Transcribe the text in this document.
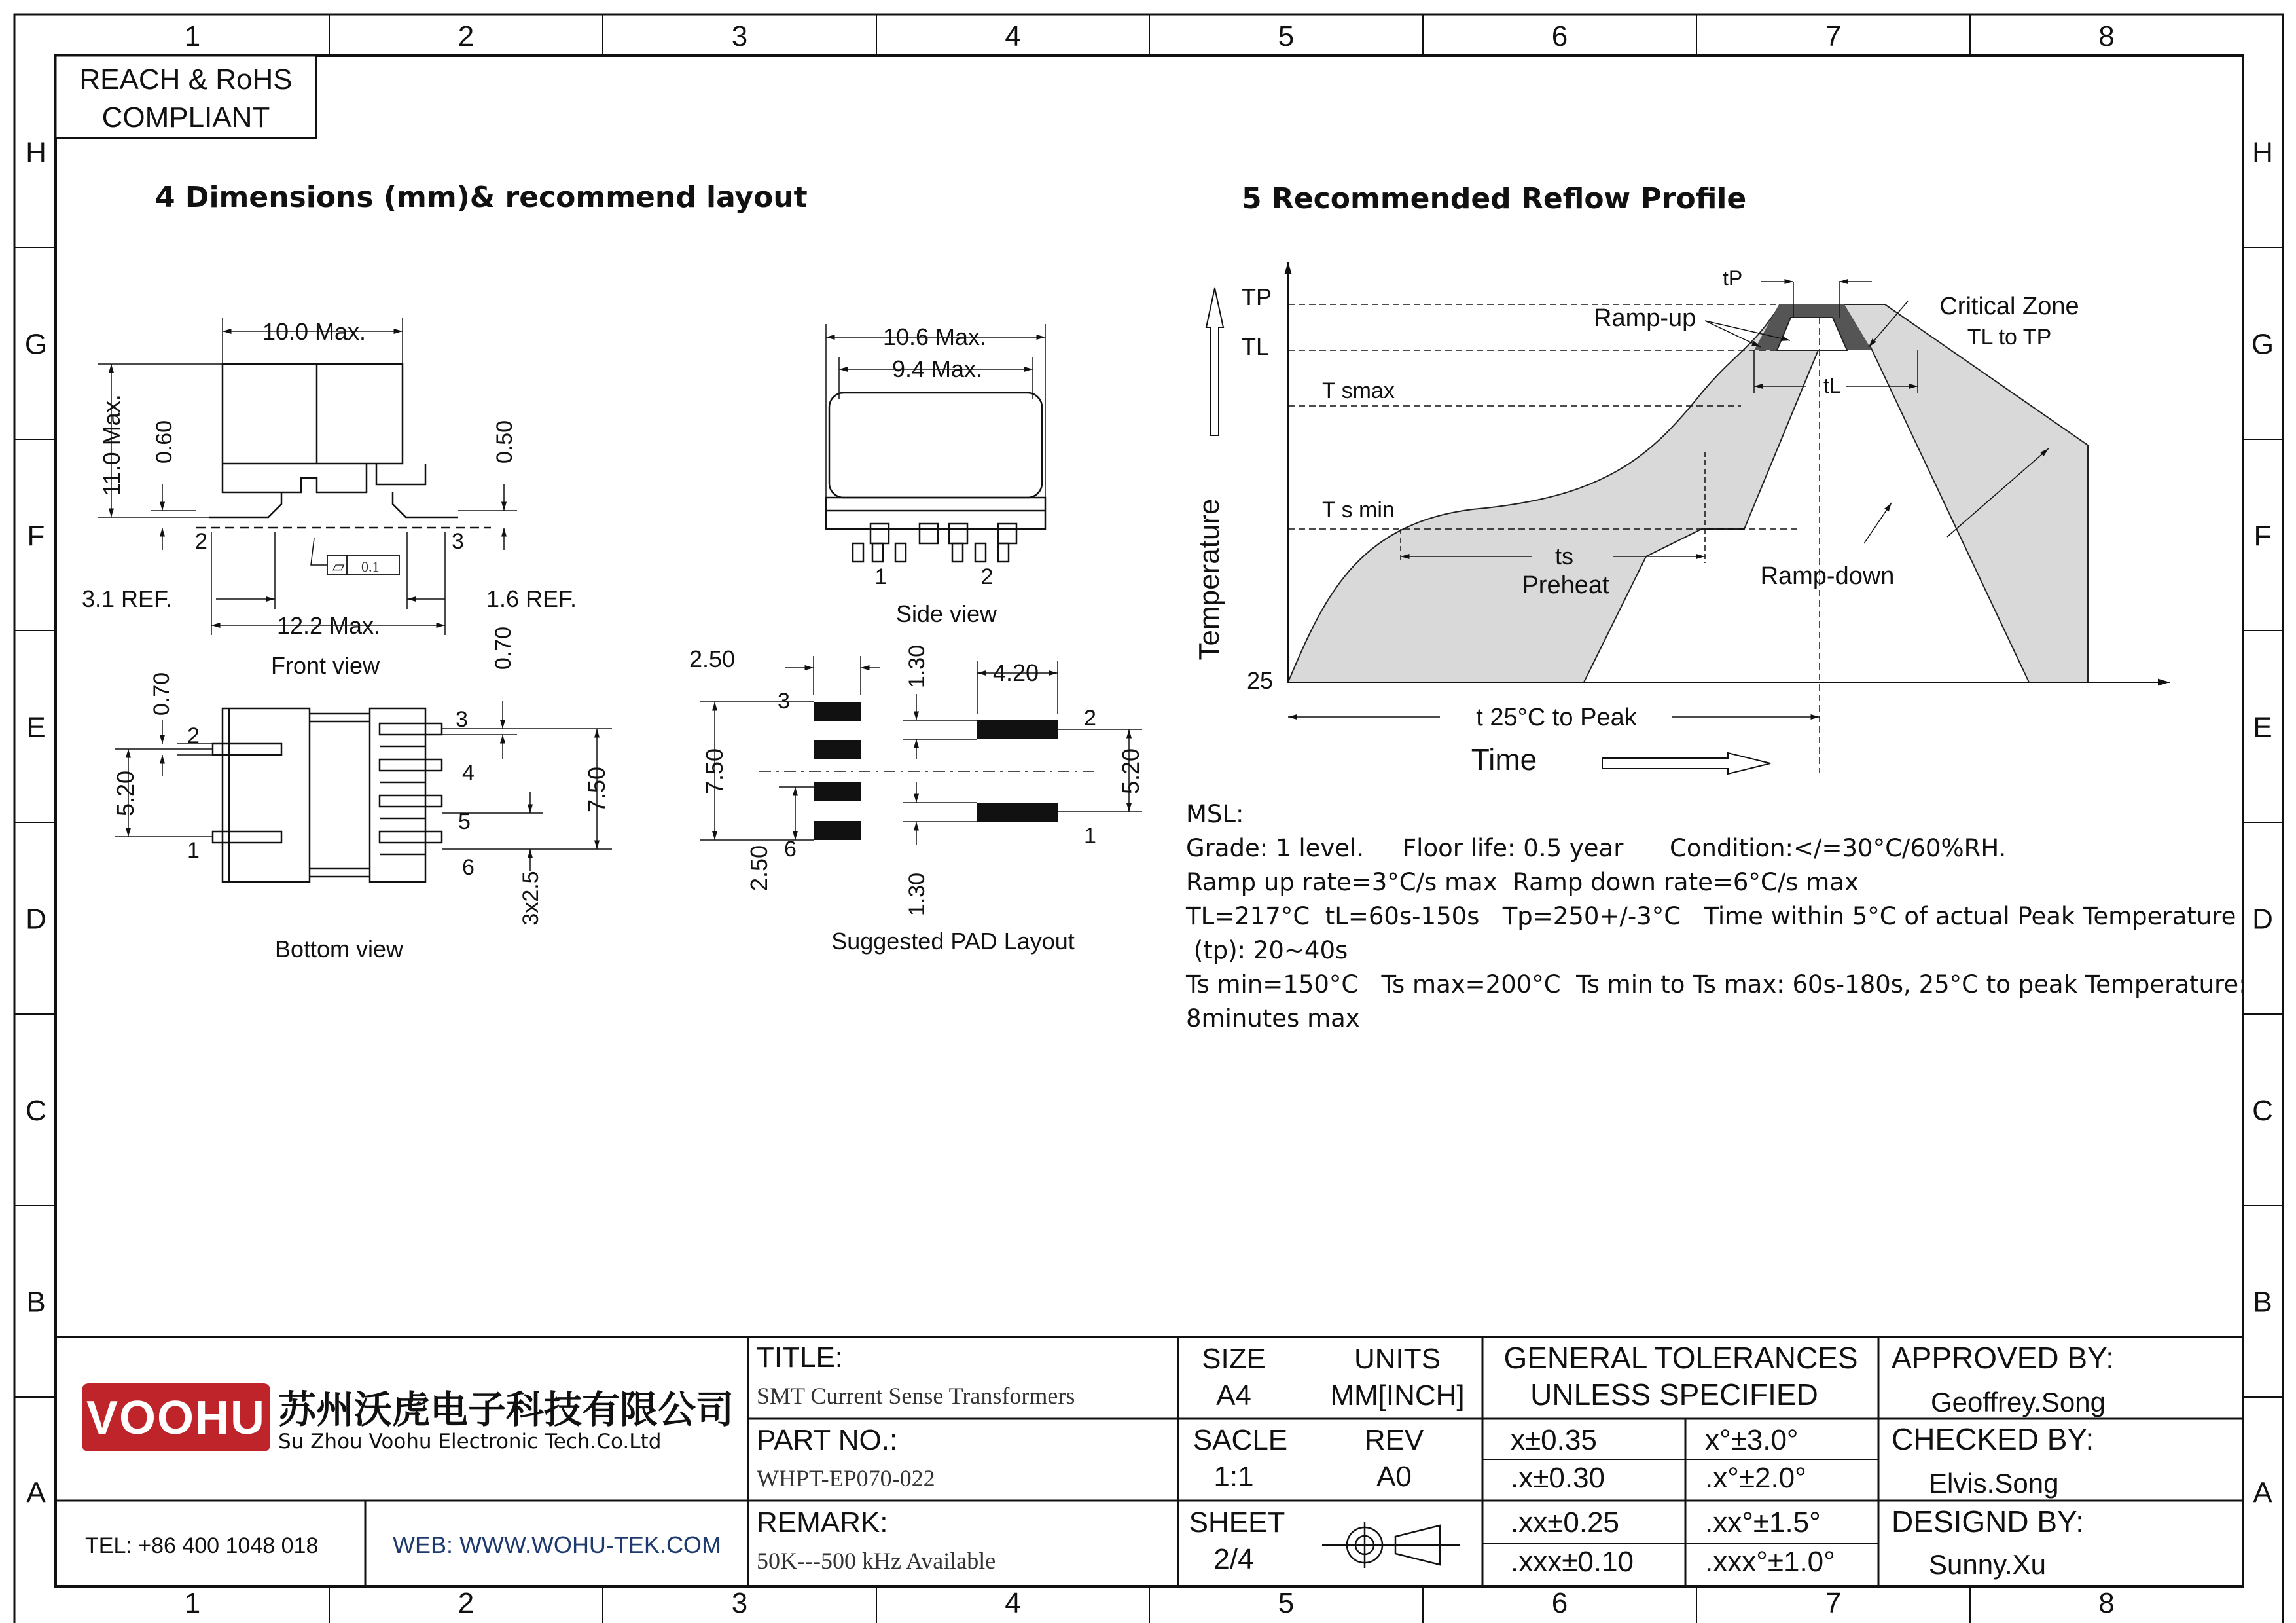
1
1
2
2
3
3
4
4
5
5
6
6
7
7
8
8
H	H
G	G
F	F
E	E
D	D
C	C
B	B
A	A
REACH & RoHS
COMPLIANT
4 Dimensions (mm)& recommend layout	5 Recommended Reflow Profile
10.0 Max.
11.0 Max. 0.60	0.50
2	3
3.1 REF.	1.6 REF.
12.2 Max.
▱ 0.1
Front view
10.6 Max.
9.4 Max.
1	2
Side view
0.70
0.70
5.20	7.50
3x2.5
2
1
3
4
5
6
Bottom view
2.50	1.30	4.20
7.50
2.50
5.20
1.30
3
2
6
1
Suggested PAD Layout
TP
TL
T smax
T s min
25
Ramp-up	Critical Zone
TL to TP
tP
tL
ts
Preheat	Ramp-down
t 25°C to Peak
Time
Temperature
VOOHU 苏州沃虎电子科技有限公司
Su Zhou Voohu Electronic Tech.Co.Ltd
TEL: +86 400 1048 018	WEB: WWW.WOHU-TEK.COM
TITLE:
SMT Current Sense Transformers
PART NO.:
WHPT-EP070-022
REMARK:
50K---500 kHz Available
SIZE
A4
UNITS
MM[INCH]
SACLE
1:1
REV
A0
SHEET
2/4
GENERAL TOLERANCES
UNLESS SPECIFIED
x±0.35	x°±3.0°
.x±0.30	.x°±2.0°
.xx±0.25	.xx°±1.5°
.xxx±0.10 .xxx°±1.0°
APPROVED BY:
Geoffrey.Song
CHECKED BY:
Elvis.Song
DESIGND BY:
Sunny.Xu
MSL:
Grade: 1 level.     Floor life: 0.5 year      Condition:</=30°C/60%RH.
Ramp up rate=3°C/s max  Ramp down rate=6°C/s max
TL=217°C  tL=60s-150s   Tp=250+/-3°C   Time within 5°C of actual Peak Temperature
(tp): 20~40s
Ts min=150°C   Ts max=200°C  Ts min to Ts max: 60s-180s, 25°C to peak Temperature:
8minutes max
